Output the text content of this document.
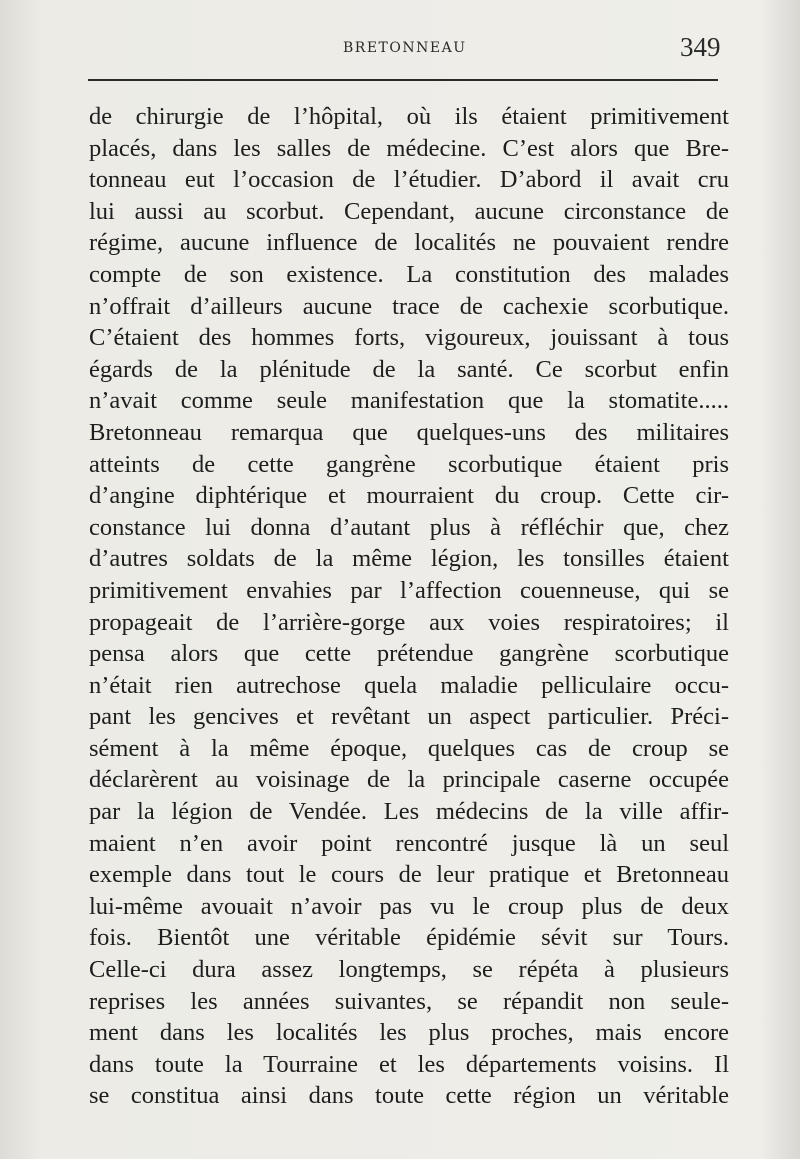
BRETONNEAU	349
de chirurgie de l’hôpital, où ils étaient primitivement
placés, dans les salles de médecine. C’est alors que Bre-
tonneau eut l’occasion de l’étudier. D’abord il avait cru
lui aussi au scorbut. Cependant, aucune circonstance de
régime, aucune influence de localités ne pouvaient rendre
compte de son existence. La constitution des malades
n’offrait d’ailleurs aucune trace de cachexie scorbutique.
C’étaient des hommes forts, vigoureux, jouissant à tous
égards de la plénitude de la santé. Ce scorbut enfin
n’avait comme seule manifestation que la stomatite.....
Bretonneau remarqua que quelques-uns des militaires
atteints de cette gangrène scorbutique étaient pris
d’angine diphtérique et mourraient du croup. Cette cir-
constance lui donna d’autant plus à réfléchir que, chez
d’autres soldats de la même légion, les tonsilles étaient
primitivement envahies par l’affection couenneuse, qui se
propageait de l’arrière-gorge aux voies respiratoires; il
pensa alors que cette prétendue gangrène scorbutique
n’était rien autrechose quela maladie pelliculaire occu-
pant les gencives et revêtant un aspect particulier. Préci-
sément à la même époque, quelques cas de croup se
déclarèrent au voisinage de la principale caserne occupée
par la légion de Vendée. Les médecins de la ville affir-
maient n’en avoir point rencontré jusque là un seul
exemple dans tout le cours de leur pratique et Bretonneau
lui-même avouait n’avoir pas vu le croup plus de deux
fois. Bientôt une véritable épidémie sévit sur Tours.
Celle-ci dura assez longtemps, se répéta à plusieurs
reprises les années suivantes, se répandit non seule-
ment dans les localités les plus proches, mais encore
dans toute la Tourraine et les départements voisins. Il
se constitua ainsi dans toute cette région un véritable
